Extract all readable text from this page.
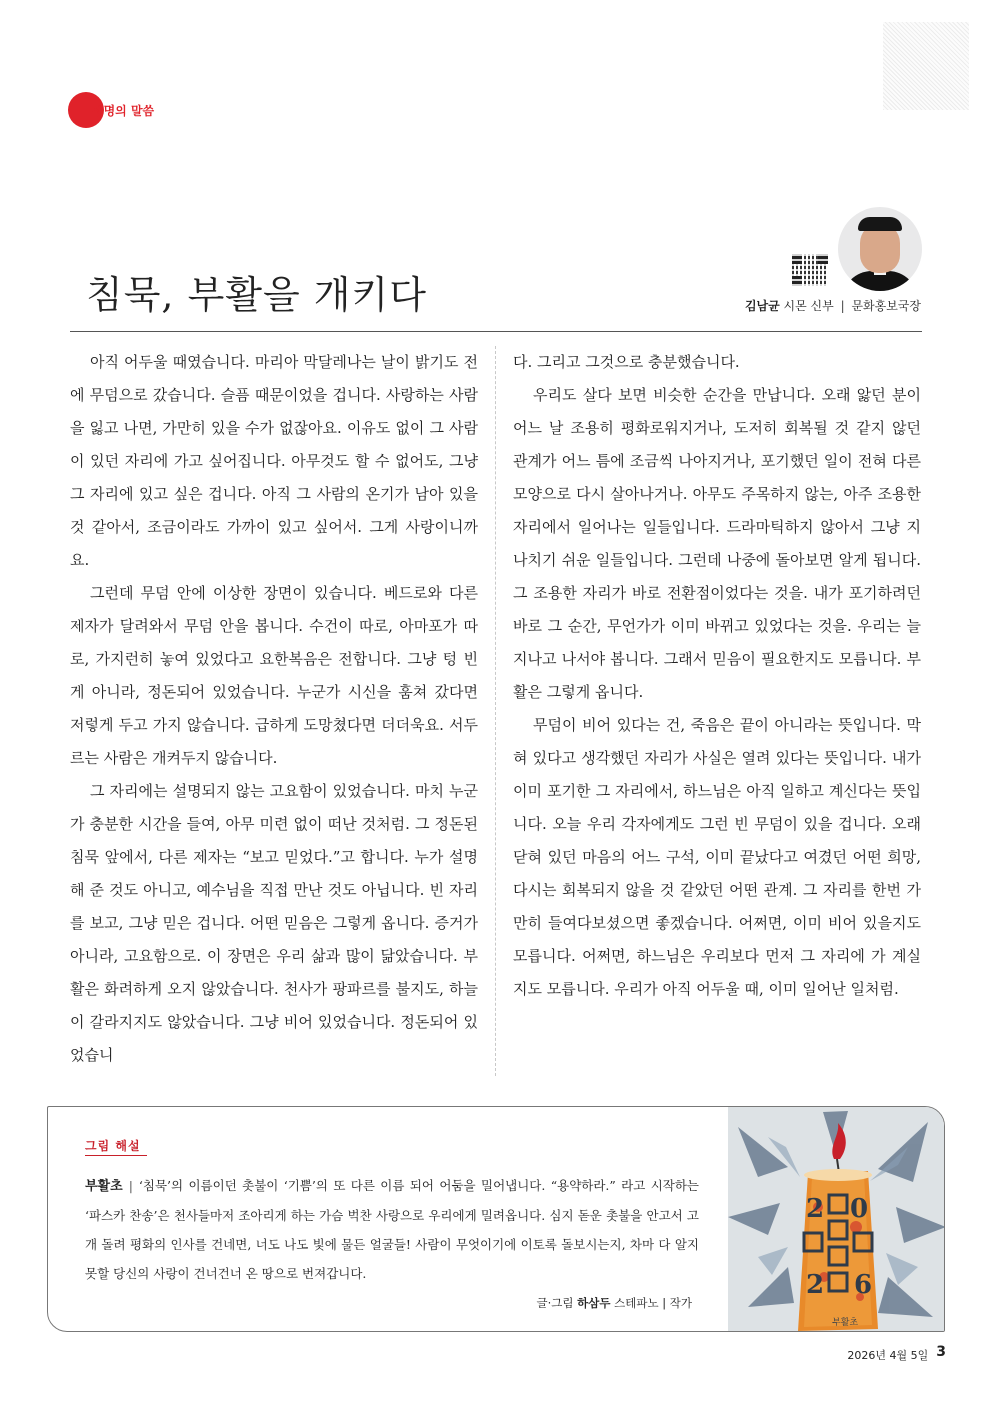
생명의 말씀
침묵, 부활을 개키다	김남균 시몬 신부 | 문화홍보국장

아직 어두울 때였습니다. 마리아 막달레나는 날이 밝기도 전에 무덤으로 갔습니다. 슬픔 때문이었을 겁니다. 사랑하는 사람을 잃고 나면, 가만히 있을 수가 없잖아요. 이유도 없이 그 사람이 있던 자리에 가고 싶어집니다. 아무것도 할 수 없어도, 그냥 그 자리에 있고 싶은 겁니다. 아직 그 사람의 온기가 남아 있을 것 같아서, 조금이라도 가까이 있고 싶어서. 그게 사랑이니까요.

그런데 무덤 안에 이상한 장면이 있습니다. 베드로와 다른 제자가 달려와서 무덤 안을 봅니다. 수건이 따로, 아마포가 따로, 가지런히 놓여 있었다고 요한복음은 전합니다. 그냥 텅 빈 게 아니라, 정돈되어 있었습니다. 누군가 시신을 훔쳐 갔다면 저렇게 두고 가지 않습니다. 급하게 도망쳤다면 더더욱요. 서두르는 사람은 개켜두지 않습니다.

그 자리에는 설명되지 않는 고요함이 있었습니다. 마치 누군가 충분한 시간을 들여, 아무 미련 없이 떠난 것처럼. 그 정돈된 침묵 앞에서, 다른 제자는 “보고 믿었다.”고 합니다. 누가 설명해 준 것도 아니고, 예수님을 직접 만난 것도 아닙니다. 빈 자리를 보고, 그냥 믿은 겁니다. 어떤 믿음은 그렇게 옵니다. 증거가 아니라, 고요함으로. 이 장면은 우리 삶과 많이 닮았습니다. 부활은 화려하게 오지 않았습니다. 천사가 팡파르를 불지도, 하늘이 갈라지지도 않았습니다. 그냥 비어 있었습니다. 정돈되어 있었습니

다. 그리고 그것으로 충분했습니다.

우리도 살다 보면 비슷한 순간을 만납니다. 오래 앓던 분이 어느 날 조용히 평화로워지거나, 도저히 회복될 것 같지 않던 관계가 어느 틈에 조금씩 나아지거나, 포기했던 일이 전혀 다른 모양으로 다시 살아나거나. 아무도 주목하지 않는, 아주 조용한 자리에서 일어나는 일들입니다. 드라마틱하지 않아서 그냥 지나치기 쉬운 일들입니다. 그런데 나중에 돌아보면 알게 됩니다. 그 조용한 자리가 바로 전환점이었다는 것을. 내가 포기하려던 바로 그 순간, 무언가가 이미 바뀌고 있었다는 것을. 우리는 늘 지나고 나서야 봅니다. 그래서 믿음이 필요한지도 모릅니다. 부활은 그렇게 옵니다.

무덤이 비어 있다는 건, 죽음은 끝이 아니라는 뜻입니다. 막혀 있다고 생각했던 자리가 사실은 열려 있다는 뜻입니다. 내가 이미 포기한 그 자리에서, 하느님은 아직 일하고 계신다는 뜻입니다. 오늘 우리 각자에게도 그런 빈 무덤이 있을 겁니다. 오래 닫혀 있던 마음의 어느 구석, 이미 끝났다고 여겼던 어떤 희망, 다시는 회복되지 않을 것 같았던 어떤 관계. 그 자리를 한번 가만히 들여다보셨으면 좋겠습니다. 어쩌면, 이미 비어 있을지도 모릅니다. 어쩌면, 하느님은 우리보다 먼저 그 자리에 가 계실지도 모릅니다. 우리가 아직 어두울 때, 이미 일어난 일처럼.

그림 해설
부활초 | ‘침묵’의 이름이던 촛불이 ‘기쁨’의 또 다른 이름 되어 어둠을 밀어냅니다. “용약하라.” 라고 시작하는 ‘파스카 찬송’은 천사들마저 조아리게 하는 가슴 벅찬 사랑으로 우리에게 밀려옵니다. 심지 돋운 촛불을 안고서 고개 돌려 평화의 인사를 건네면, 너도 나도 빛에 물든 얼굴들! 사람이 무엇이기에 이토록 돌보시는지, 차마 다 알지 못할 당신의 사랑이 건너건너 온 땅으로 번져갑니다.
글·그림 하삼두 스테파노 | 작가
2 0
2 6
부활초
2026년 4월 5일 3
